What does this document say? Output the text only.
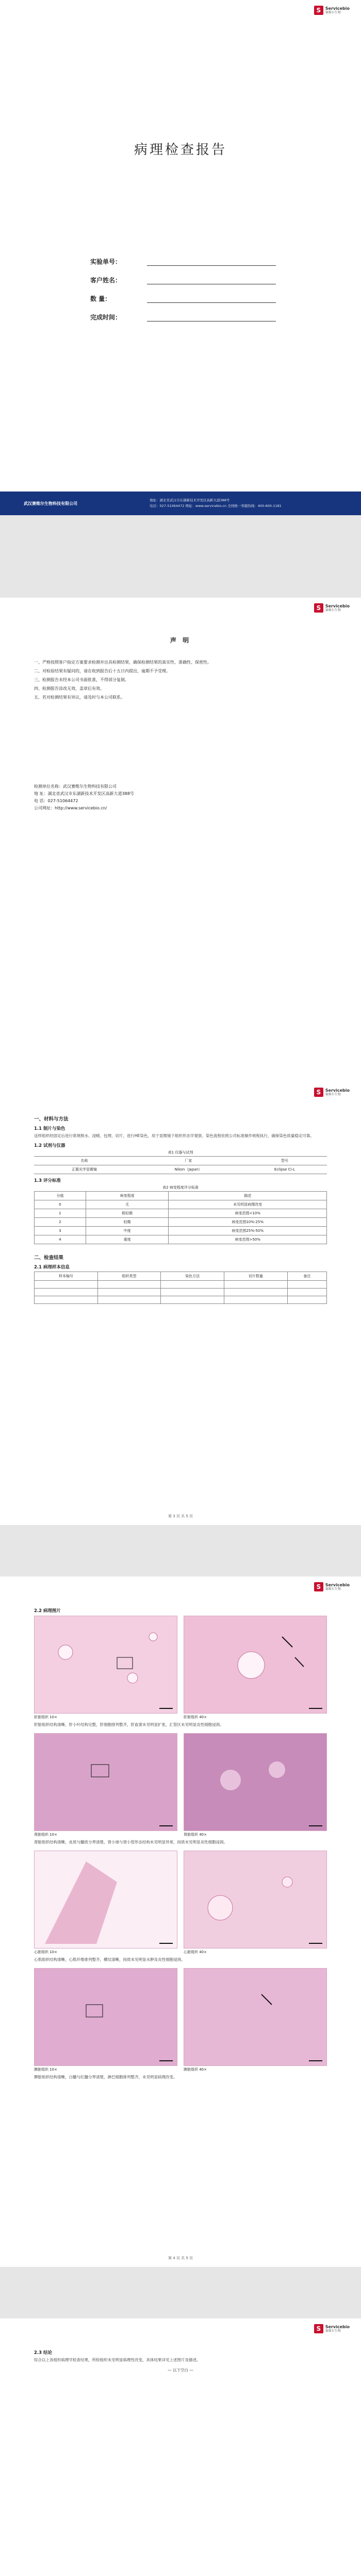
S	Servicebio
赛维尔生物
病理检查报告
实验单号：
客户姓名：
数 量：
完成时间：
武汉赛维尔生物科技有限公司
地址：湖北省武汉市东湖新技术开发区高新大道388号
电话：027-51064472 网址：www.servicebio.cn 全国统一客服热线：400-600-1181
S	Servicebio
赛维尔生物
声 明

一、严格按照客户指定方案要求检测并出具检测结果，确保检测结果的真实性、准确性、保密性。

二、对检验结果有疑问的，请在收到报告后十五日内提出，逾期不予受理。

三、检测报告未经本公司书面批准，不得部分复制。

四、检测报告涂改无效，盖章后有效。

五、若对检测结果有异议，请及时与本公司联系。

检测单位名称：武汉赛维尔生物科技有限公司
地 址：湖北省武汉市东湖新技术开发区高新大道388号
电 话：027-51064472
公司网址：http://www.servicebio.cn/
S	Servicebio
赛维尔生物
一、材料与方法
1.1 制片与染色
送样组织经固定后进行常规脱水、浸蜡、包埋、切片，进行HE染色，用于显微镜下组织形态学观察。染色流程依照公司标准操作规程执行，确保染色质量稳定可靠。
1.2 试剂与仪器
表1 仪器与试剂
名称	厂家	型号
正置光学显微镜	Nikon（Japan）	Eclipse Ci-L
1.3 评分标准
表2 病变程度评分标准
分值	病变程度	描述
0	无	未见明显病理改变
1	极轻微	病变范围<10%
2	轻微	病变范围10%-25%
3	中度	病变范围25%-50%
4	重度	病变范围>50%
二、检查结果
2.1 病理样本信息
样本编号	组织类型	染色方法	切片数量	备注

第 3 页 共 5 页
S	Servicebio
赛维尔生物
2.2 病理图片
肝脏组织 10×	肝脏组织 40×
肝脏组织结构清晰，肝小叶结构完整，肝细胞排列整齐，肝血窦未见明显扩张，汇管区未见明显炎性细胞浸润。
肾脏组织 10×	肾脏组织 40×
肾脏组织结构清晰，皮质与髓质分界清楚，肾小球与肾小管形态结构未见明显异常，间质未见明显炎性细胞浸润。
心脏组织 10×	心脏组织 40×
心肌组织结构清晰，心肌纤维排列整齐，横纹清晰，间质未见明显水肿及炎性细胞浸润。
脾脏组织 10×	脾脏组织 40×
脾脏组织结构清晰，白髓与红髓分界清楚，淋巴细胞排列整齐，未见明显病理改变。
第 4 页 共 5 页
S	Servicebio
赛维尔生物
2.3 结论
综合以上各组织病理学检查结果，所检组织未见明显病理性改变，具体结果详见上述图片及描述。
— 以下空白 —
